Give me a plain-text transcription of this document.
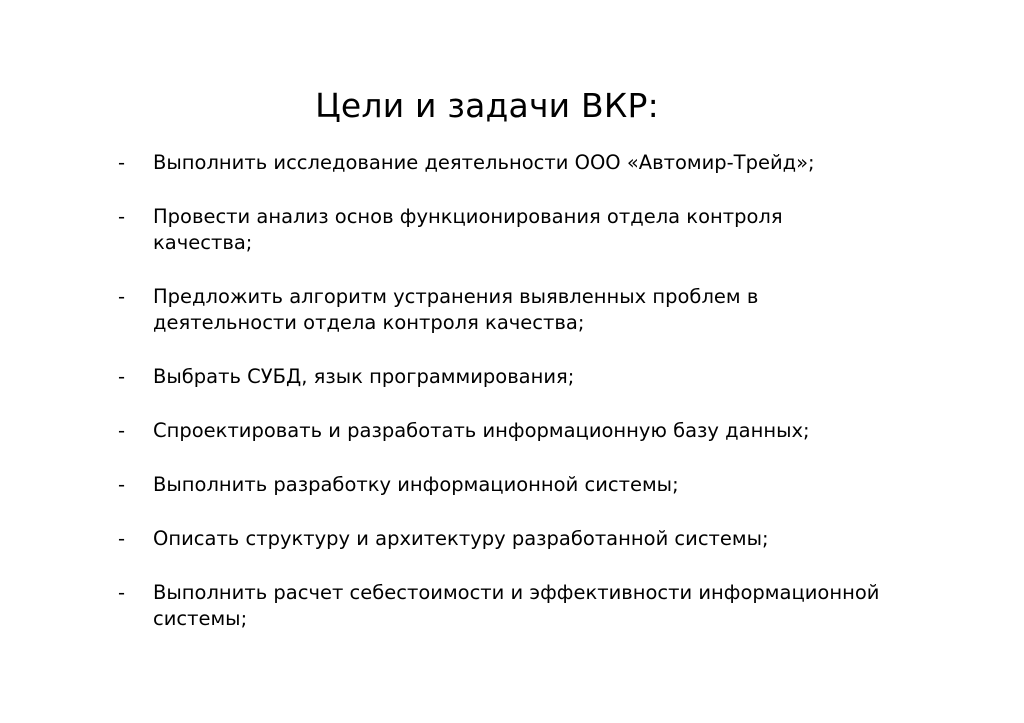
Цели и задачи ВКР:
- Выполнить исследование деятельности ООО «Автомир-Трейд»;
- Провести анализ основ функционирования отдела контроля качества;
- Предложить алгоритм устранения выявленных проблем в деятельности отдела контроля качества;
- Выбрать СУБД, язык программирования;
- Спроектировать и разработать информационную базу данных;
- Выполнить разработку информационной системы;
- Описать структуру и архитектуру разработанной системы;
- Выполнить расчет себестоимости и эффективности информационной системы;
